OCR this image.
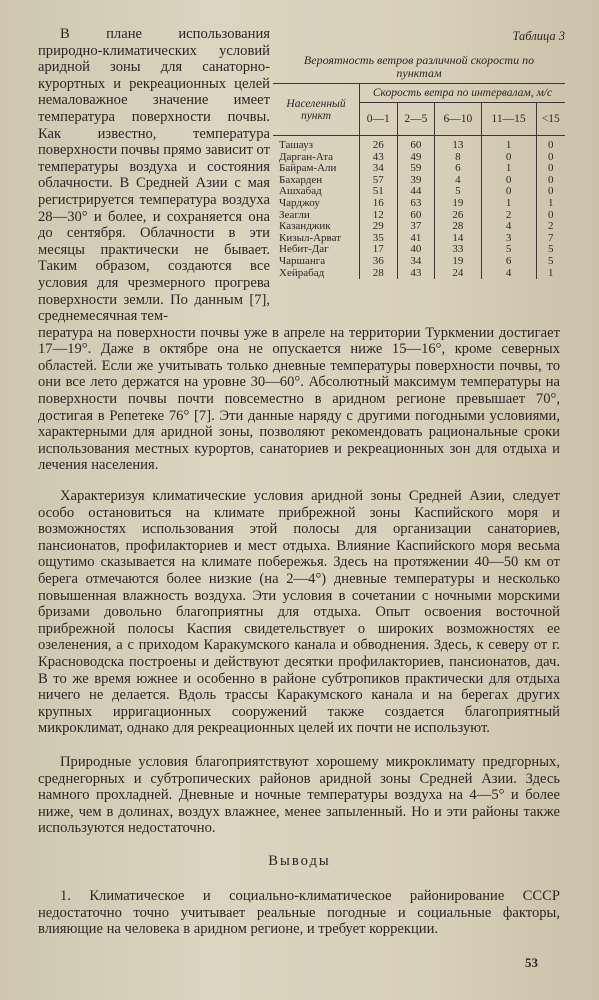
В плане использования природно-климатических условий аридной зоны для санаторно-курортных и рекреационных целей немаловажное значение имеет температура поверхности почвы. Как известно, температура поверхности почвы прямо зависит от температуры воздуха и состояния облачности. В Средней Азии с мая регистрируется температура воздуха 28—30° и более, и сохраняется она до сентября. Облачности в эти месяцы практически не бывает. Таким образом, создаются все условия для чрезмерного прогрева поверхности земли. По данным [7], среднемесячная тем-

пература на поверхности почвы уже в апреле на территории Туркмении достигает 17—19°. Даже в октябре она не опускается ниже 15—16°, кроме северных областей. Если же учитывать только дневные температуры поверхности почвы, то они все лето держатся на уровне 30—60°. Абсолютный максимум температуры на поверхности почвы почти повсеместно в аридном регионе превышает 70°, достигая в Репетеке 76° [7]. Эти данные наряду с другими погодными условиями, характерными для аридной зоны, позволяют рекомендовать рациональные сроки использования местных курортов, санаториев и рекреационных зон для отдыха и лечения населения.
Таблица 3
Вероятность ветров различной скорости по пунктам
Населенный пункт	Скорость ветра по интервалам, м/с				
	0—1	2—5	6—10	11—15	<15
Ташауз	26	60	13	1	0
Дарган-Ата	43	49	8	0	0
Байрам-Али	34	59	6	1	0
Бахарден	57	39	4	0	0
Ашхабад	51	44	5	0	0
Чарджоу	16	63	19	1	1
Зеагли	12	60	26	2	0
Казанджик	29	37	28	4	2
Кизыл-Арват	35	41	14	3	7
Небит-Даг	17	40	33	5	5
Чаршанга	36	34	19	6	5
Хейрабад	28	43	24	4	1

Характеризуя климатические условия аридной зоны Средней Азии, следует особо остановиться на климате прибрежной зоны Каспийского моря и возможностях использования этой полосы для организации санаториев, пансионатов, профилакториев и мест отдыха. Влияние Каспийского моря весьма ощутимо сказывается на климате побережья. Здесь на протяжении 40—50 км от берега отмечаются более низкие (на 2—4°) дневные температуры и несколько повышенная влажность воздуха. Эти условия в сочетании с ночными морскими бризами довольно благоприятны для отдыха. Опыт освоения восточной прибрежной полосы Каспия свидетельствует о широких возможностях ее озеленения, а с приходом Каракумского канала и обводнения. Здесь, к северу от г. Красноводска построены и действуют десятки профилакториев, пансионатов, дач. В то же время южнее и особенно в районе субтропиков практически для отдыха ничего не делается. Вдоль трассы Каракумского канала и на берегах других крупных ирригационных сооружений также создается благоприятный микроклимат, однако для рекреационных целей их почти не используют.

Природные условия благоприятствуют хорошему микроклимату предгорных, среднегорных и субтропических районов аридной зоны Средней Азии. Здесь намного прохладней. Дневные и ночные температуры воздуха на 4—5° и более ниже, чем в долинах, воздух влажнее, менее запыленный. Но и эти районы также используются недостаточно.

Выводы

1. Климатическое и социально-климатическое районирование СССР недостаточно точно учитывает реальные погодные и социальные факторы, влияющие на человека в аридном регионе, и требует коррекции.

53
